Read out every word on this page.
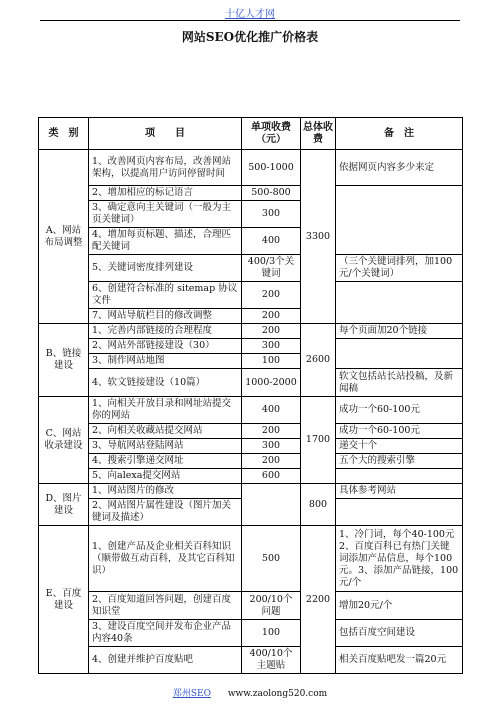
十亿人才网
网站SEO优化推广价格表
类　别	项　　目	单项收费（元）	总体收费	备　注
A、网站布局调整	1、改善网页内容布局，改善网站架构，以提高用户访问停留时间	500-1000	3300	依据网页内容多少来定
	2、增加相应的标记语言	500-800		
	3、确定意向主关键词（一般为主页关键词）	300		
	4、增加每页标题、描述，合理匹配关键词	400		
	5、关键词密度排列建设	400/3个关键词		（三个关键词排列，加100元/个关键词）
	6、创建符合标准的 sitemap 协议文件	200		
	7、网站导航栏目的修改调整	200		
B、链接建设	1、完善内部链接的合理程度	200	2600	每个页面加20个链接
	2、网站外部链接建设（30）	300		
	3、制作网站地图	100		
	4、软文链接建设（10篇）	1000-2000		软文包括站长站投稿，及新闻稿
C、网站收录建设	1、向相关开放目录和网址站提交你的网站	400	1700	成功一个60-100元
	2、向相关收藏站提交网站	200		成功一个60-100元
	3、导航网站登陆网站	300		递交十个
	4、搜索引擎递交网址	200		五个大的搜索引擎
	5、向alexa提交网站	600		
D、图片建设	1、网站图片的修改		800	具体参考网站
	2、网站图片属性建设（图片加关键词及描述）			
E、百度建设	1、创建产品及企业相关百科知识（顺带做互动百科，及其它百科知识）	500	2200	1、冷门词，每个40-100元　2、百度百科已有热门关键词添加产品信息，每个100元。3、添加产品链接，100元/个
	2、百度知道回答问题，创建百度知识堂	200/10个问题		增加20元/个
	3、建设百度空间并发布企业产品内容40条	100		包括百度空间建设
	4、创建并维护百度贴吧	400/10个主题贴		相关百度贴吧发一篇20元
郑州SEO www.zaolong520.com
